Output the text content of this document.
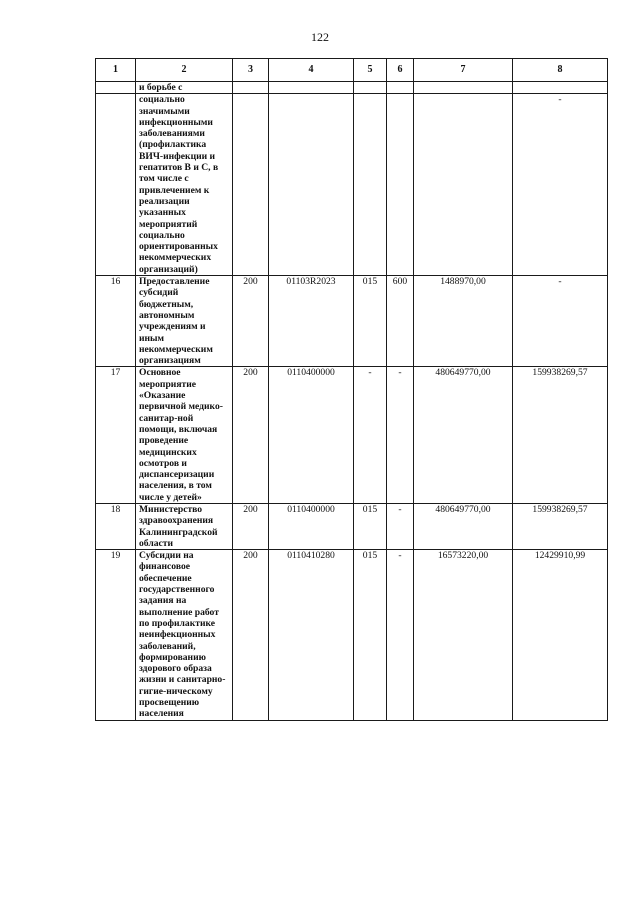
122
1	2	3	4	5	6	7	8
	и борьбе с						
	социально значимыми инфекционными заболеваниями (профилактика ВИЧ-инфекции и гепатитов В и С, в том числе с привлечением к реализации указанных мероприятий социально ориентированных некоммерческих организаций)						-
16	Предоставление субсидий бюджетным, автономным учреждениям и иным некоммерческим организациям	200	01103R2023	015	600	1488970,00	-
17	Основное мероприятие «Оказание первичной медико-санитар-ной помощи, включая проведение медицинских осмотров и диспансеризации населения, в том числе у детей»	200	0110400000	-	-	480649770,00	159938269,57
18	Министерство здравоохранения Калининградской области	200	0110400000	015	-	480649770,00	159938269,57
19	Субсидии на финансовое обеспечение государственного задания на выполнение работ по профилактике неинфекционных заболеваний, формированию здорового образа жизни и санитарно-гигие-ническому просвещению населения	200	0110410280	015	-	16573220,00	12429910,99
